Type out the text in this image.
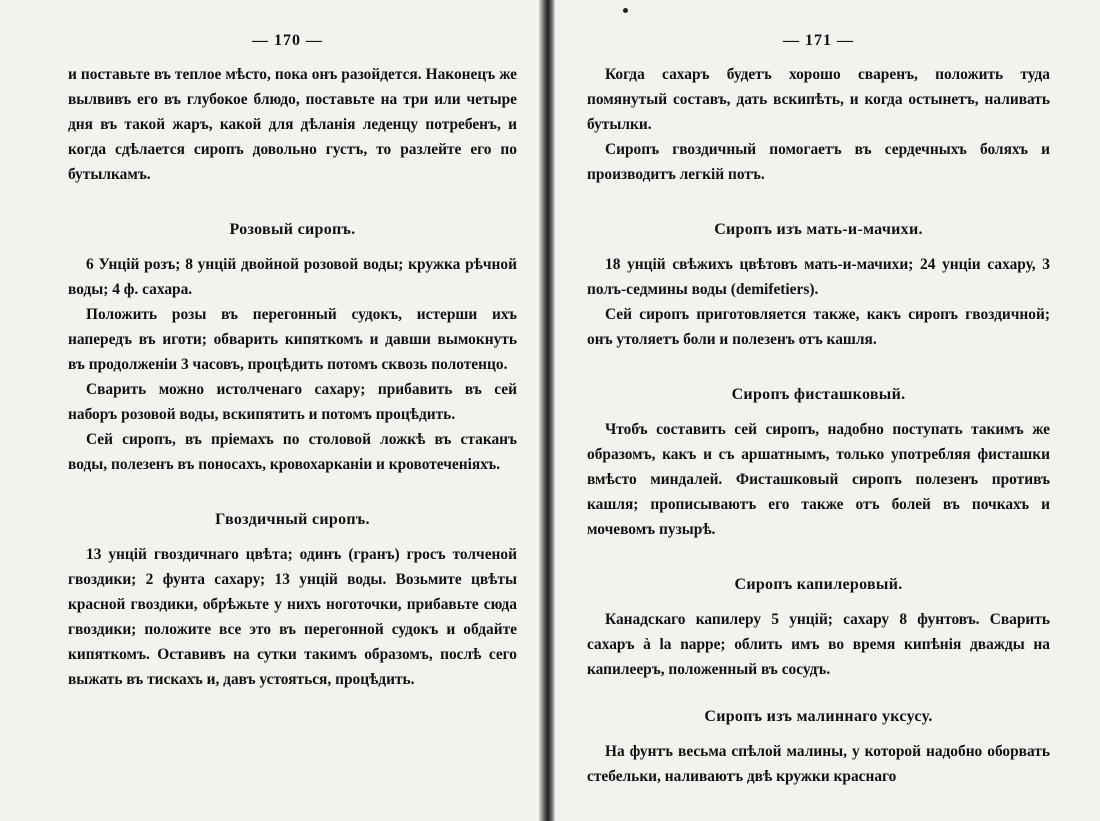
— 170 —

и поставьте въ теплое мѣсто, пока онъ разойдется. Наконецъ же вылвивъ его въ глубокое блюдо, поставьте на три или четыре дня въ такой жаръ, какой для дѣланія леденцу потребенъ, и когда сдѣлается сиропъ довольно густъ, то разлейте его по бутылкамъ.

Розовый сиропъ.

6 Унцій розъ; 8 унцій двойной розовой воды; кружка рѣчной воды; 4 ф. сахара.

Положить розы въ перегонный судокъ, истерши ихъ напередъ въ иготи; обварить кипяткомъ и давши вымокнуть въ продолженіи 3 часовъ, процѣдить потомъ сквозь полотенцо.

Сварить можно истолченаго сахару; прибавить въ сей наборъ розовой воды, вскипятить и потомъ процѣдить.

Сей сиропъ, въ пріемахъ по столовой ложкѣ въ стаканъ воды, полезенъ въ поносахъ, кровохарканіи и кровотеченіяхъ.

Гвоздичный сиропъ.

13 унцій гвоздичнаго цвѣта; одинъ (гранъ) гросъ толченой гвоздики; 2 фунта сахару; 13 унцій воды. Возьмите цвѣты красной гвоздики, обрѣжьте у нихъ ноготочки, прибавьте сюда гвоздики; положите все это въ перегонной судокъ и обдайте кипяткомъ. Оставивъ на сутки такимъ образомъ, послѣ сего выжать въ тискахъ и, давъ устояться, процѣдить.

— 171 —

Когда сахаръ будетъ хорошо сваренъ, положить туда помянутый составъ, дать вскипѣть, и когда остынетъ, наливать бутылки.

Сиропъ гвоздичный помогаетъ въ сердечныхъ боляхъ и производитъ легкій потъ.

Сиропъ изъ мать-и-мачихи.

18 унцій свѣжихъ цвѣтовъ мать-и-мачихи; 24 унціи сахару, 3 полъ-седмины воды (demifetiers).

Сей сиропъ приготовляется также, какъ сиропъ гвоздичной; онъ утоляетъ боли и полезенъ отъ кашля.

Сиропъ фисташковый.

Чтобъ составить сей сиропъ, надобно поступать такимъ же образомъ, какъ и съ аршатнымъ, только употребляя фисташки вмѣсто миндалей. Фисташковый сиропъ полезенъ противъ кашля; прописываютъ его также отъ болей въ почкахъ и мочевомъ пузырѣ.

Сиропъ капилеровый.

Канадскаго капилеру 5 унцій; сахару 8 фунтовъ. Сварить сахаръ à la nappe; облить имъ во время кипѣнія дважды на капилееръ, положенный въ сосудъ.

Сиропъ изъ малиннаго уксусу.

На фунтъ весьма спѣлой малины, у которой надобно оборвать стебельки, наливаютъ двѣ кружки краснаго
